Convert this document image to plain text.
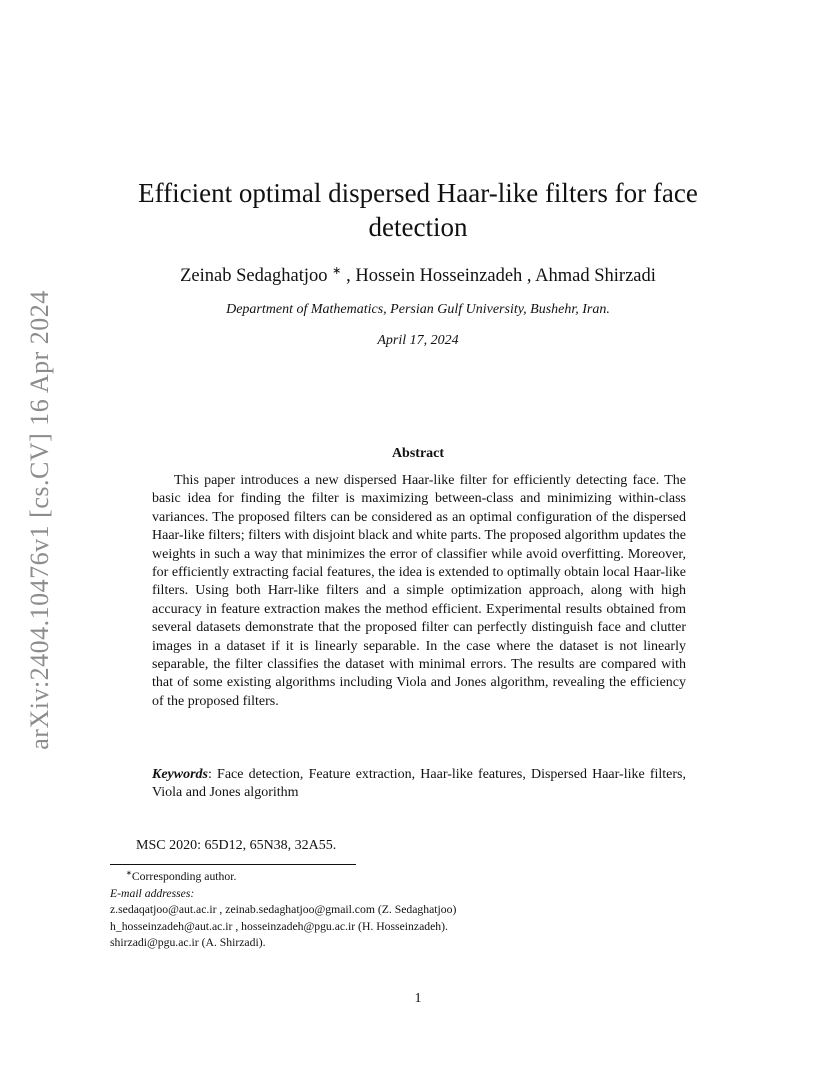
arXiv:2404.10476v1 [cs.CV] 16 Apr 2024
Efficient optimal dispersed Haar-like filters for face
detection
Zeinab Sedaghatjoo ∗ , Hossein Hosseinzadeh , Ahmad Shirzadi
Department of Mathematics, Persian Gulf University, Bushehr, Iran.
April 17, 2024
Abstract
This paper introduces a new dispersed Haar-like filter for efficiently detecting face. The basic idea for finding the filter is maximizing between-class and minimizing within-class variances. The proposed filters can be considered as an optimal configuration of the dispersed Haar-like filters; filters with disjoint black and white parts. The proposed algorithm updates the weights in such a way that minimizes the error of classifier while avoid overfitting. Moreover, for efficiently extracting facial features, the idea is extended to optimally obtain local Haar-like filters. Using both Harr-like filters and a simple optimization approach, along with high accuracy in feature extraction makes the method efficient. Experimental results obtained from several datasets demonstrate that the proposed filter can perfectly distinguish face and clutter images in a dataset if it is linearly separable. In the case where the dataset is not linearly separable, the filter classifies the dataset with minimal errors. The results are compared with that of some existing algorithms including Viola and Jones algorithm, revealing the efficiency of the proposed filters.
Keywords: Face detection, Feature extraction, Haar-like features, Dispersed Haar-like filters, Viola and Jones algorithm
MSC 2020: 65D12, 65N38, 32A55.
∗Corresponding author.
E-mail addresses:
z.sedaqatjoo@aut.ac.ir , zeinab.sedaghatjoo@gmail.com (Z. Sedaghatjoo)
h_hosseinzadeh@aut.ac.ir , hosseinzadeh@pgu.ac.ir (H. Hosseinzadeh).
shirzadi@pgu.ac.ir (A. Shirzadi).
1
